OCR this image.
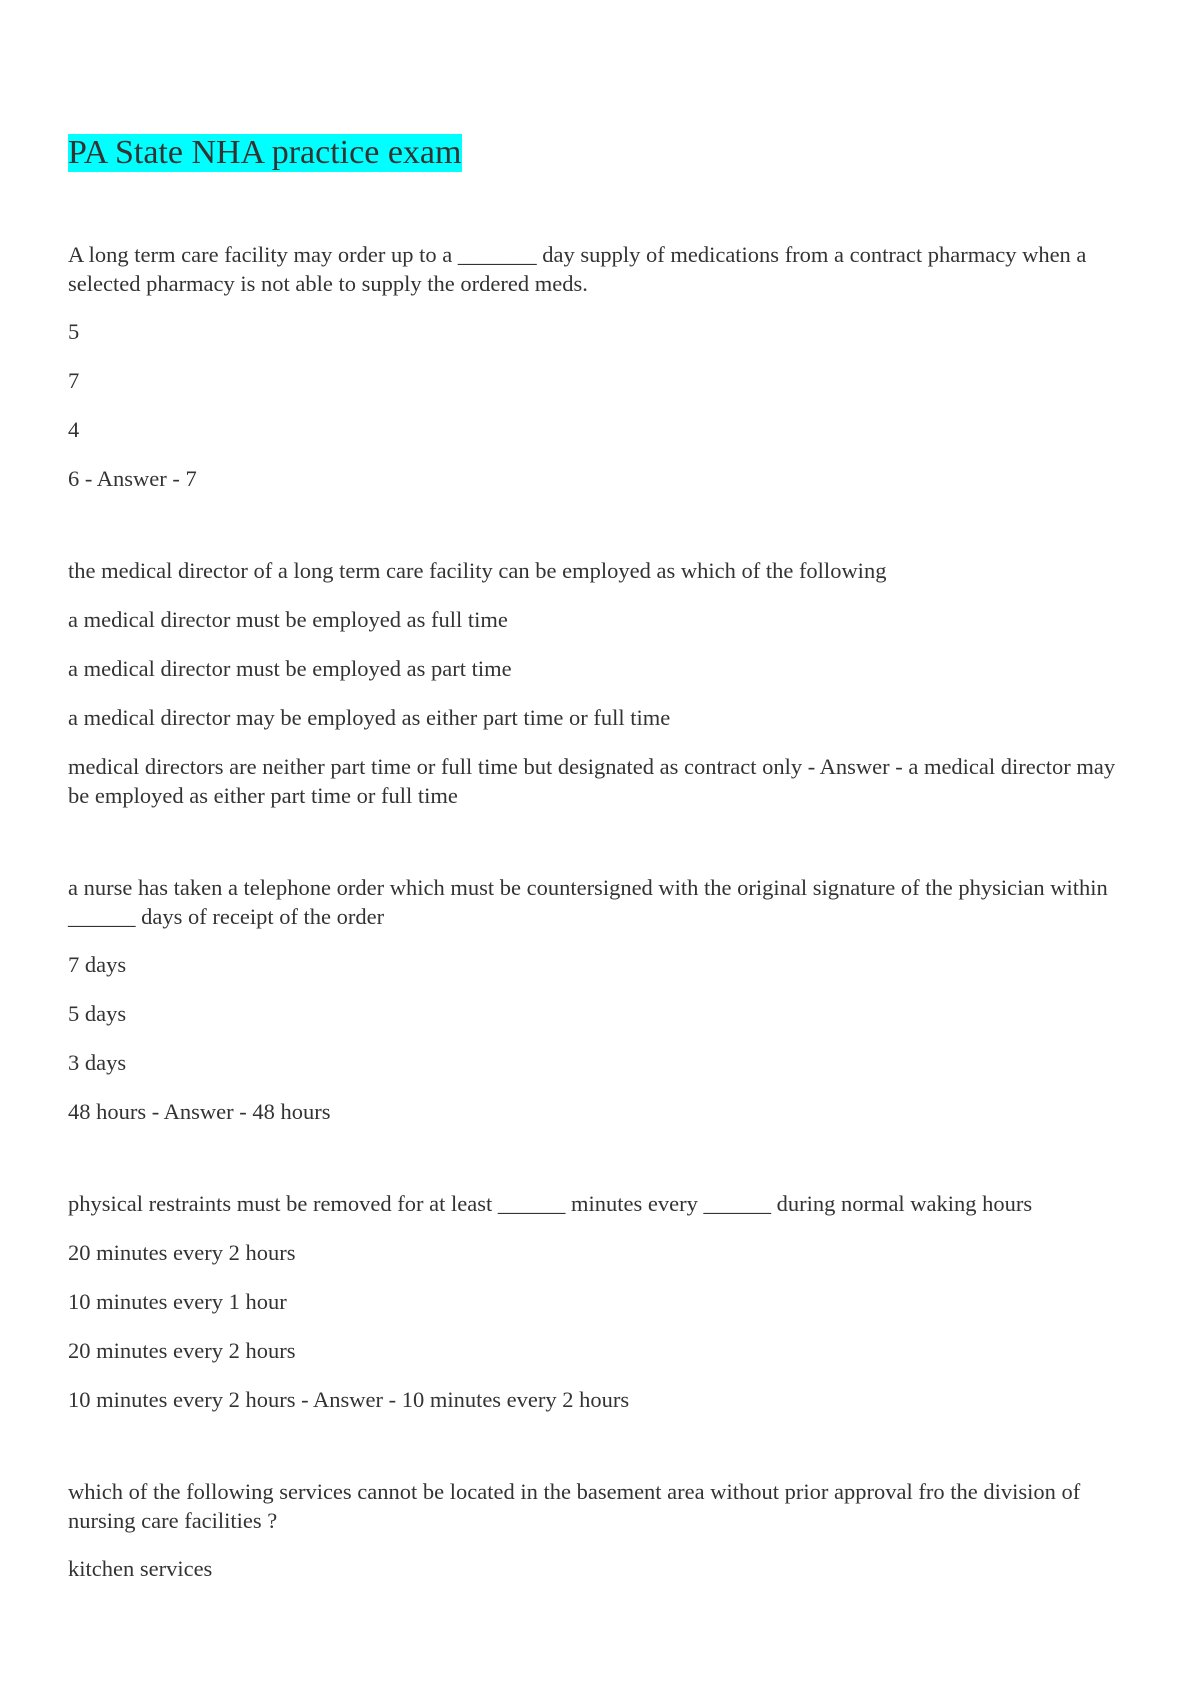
PA State NHA practice exam

A long term care facility may order up to a _______ day supply of medications from a contract pharmacy when a selected pharmacy is not able to supply the ordered meds.

5

7

4

6 - Answer - 7

the medical director of a long term care facility can be employed as which of the following

a medical director must be employed as full time

a medical director must be employed as part time

a medical director may be employed as either part time or full time

medical directors are neither part time or full time but designated as contract only - Answer - a medical director may be employed as either part time or full time

a nurse has taken a telephone order which must be countersigned with the original signature of the physician within ______ days of receipt of the order

7 days

5 days

3 days

48 hours - Answer - 48 hours

physical restraints must be removed for at least ______ minutes every ______ during normal waking hours

20 minutes every 2 hours

10 minutes every 1 hour

20 minutes every 2 hours

10 minutes every 2 hours - Answer - 10 minutes every 2 hours

which of the following services cannot be located in the basement area without prior approval fro the division of nursing care facilities ?

kitchen services
